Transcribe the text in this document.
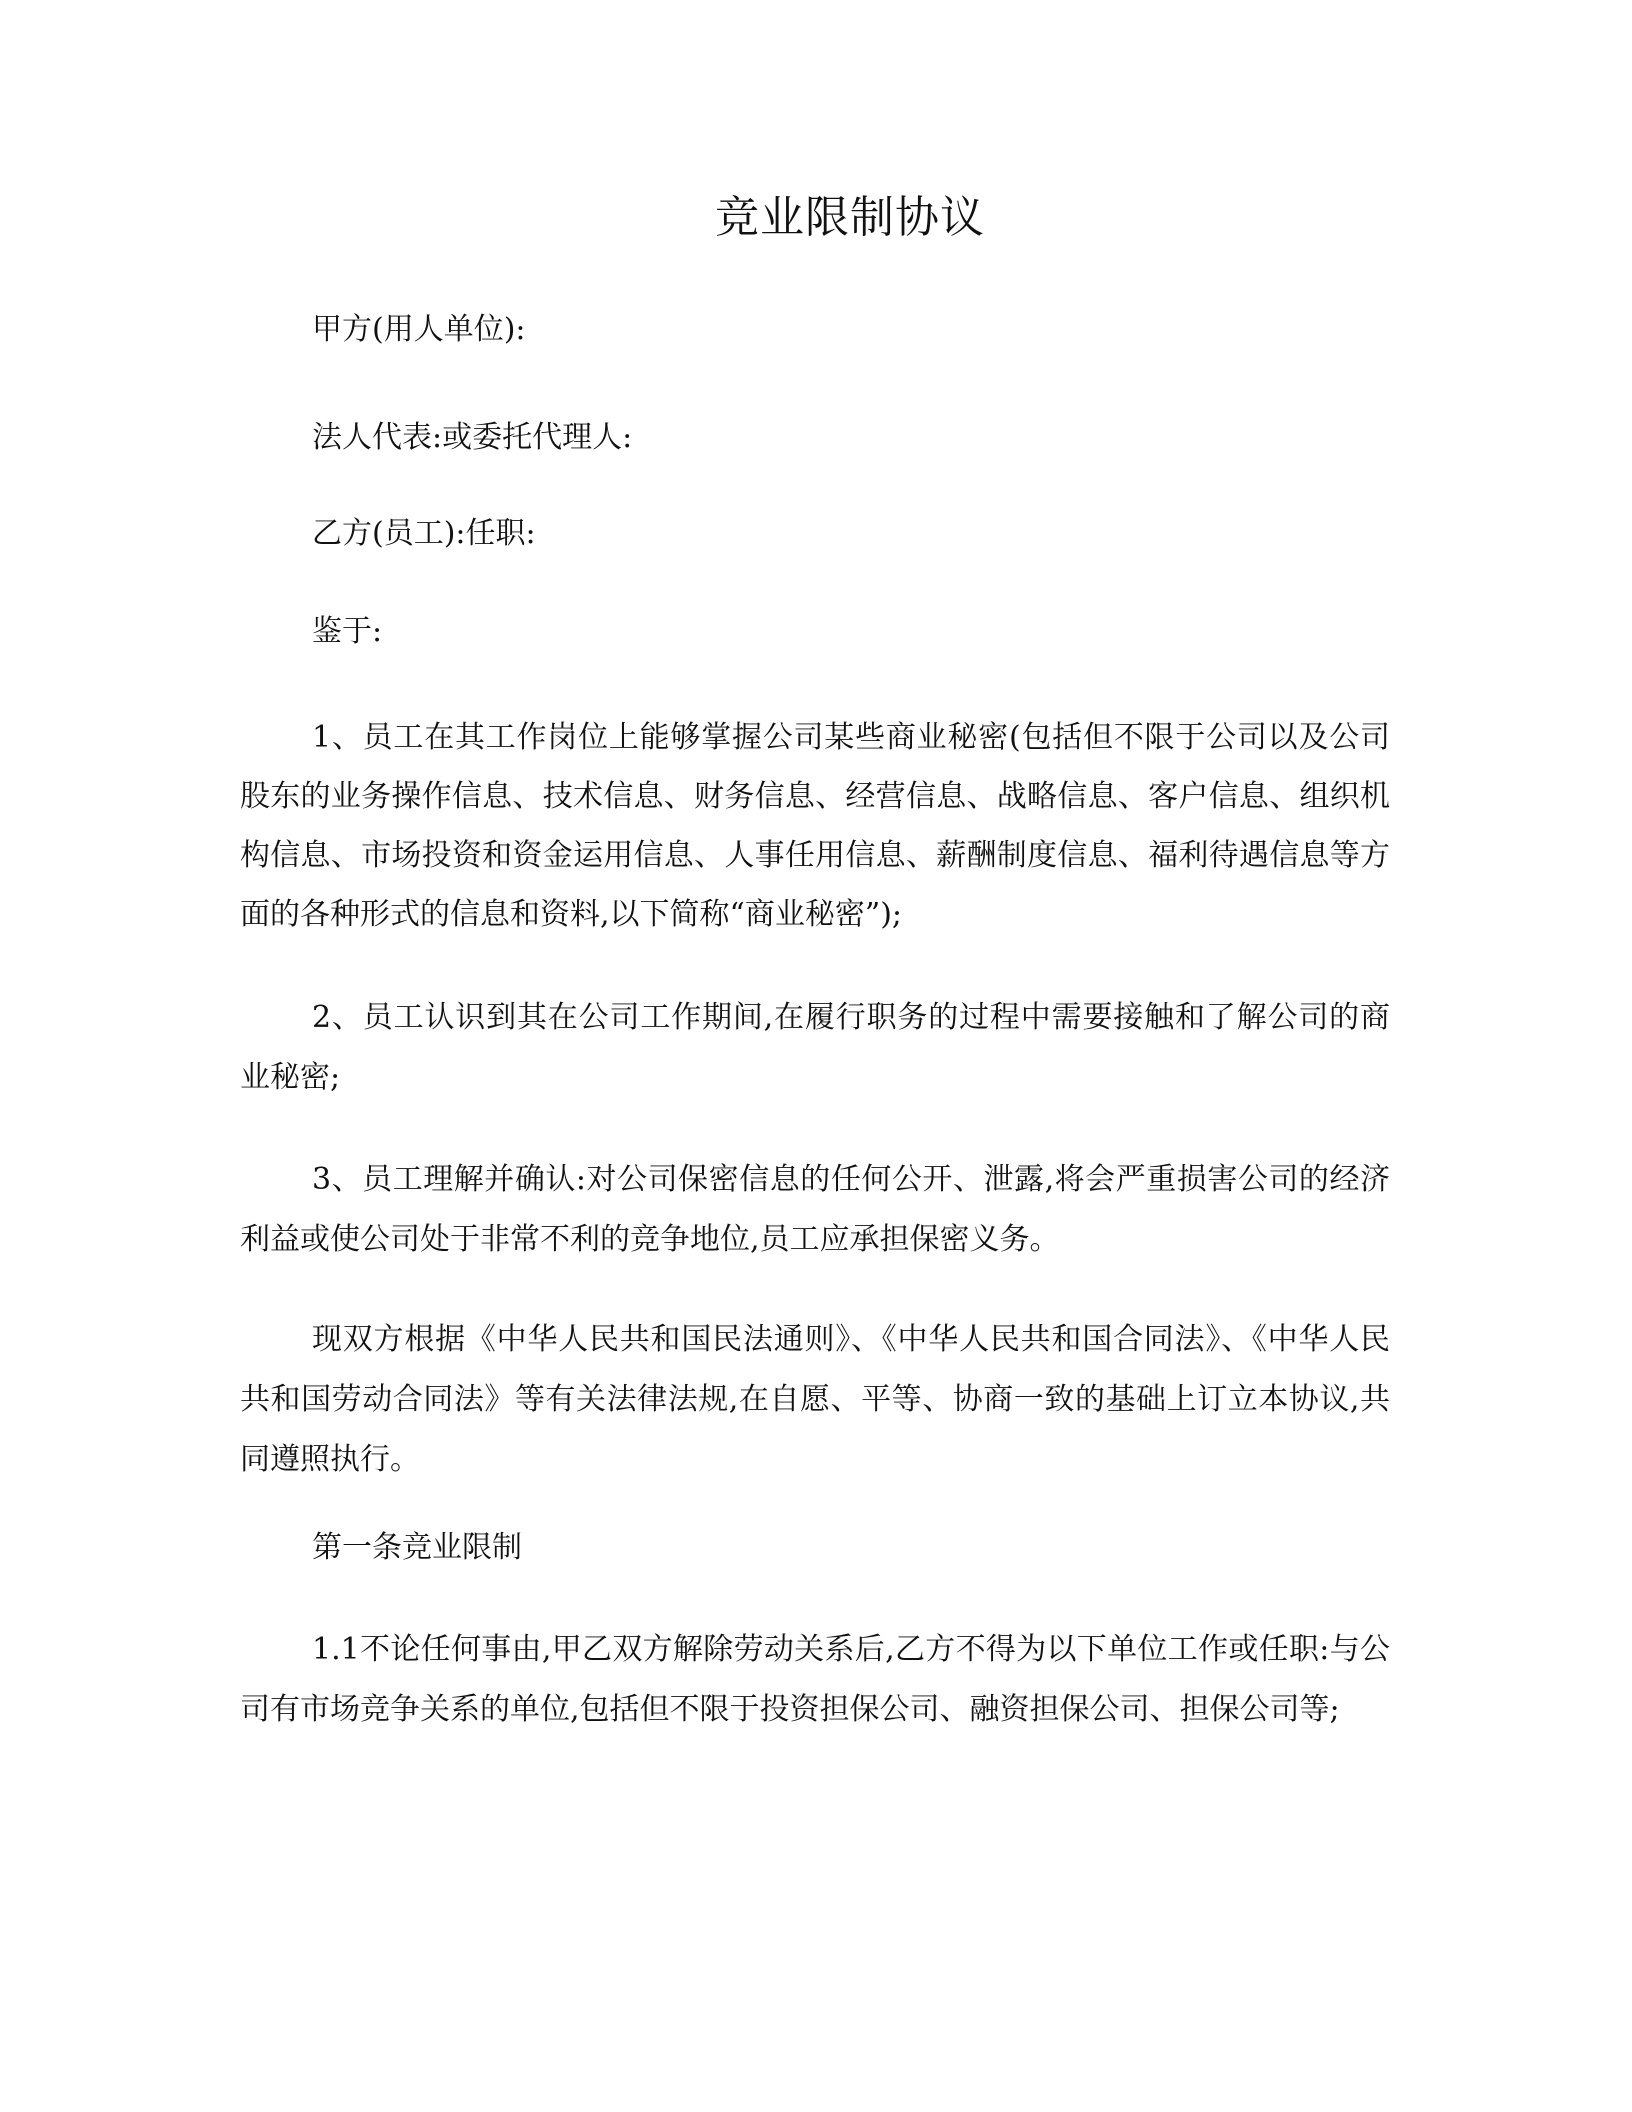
竞业限制协议

甲方(用人单位):

法人代表:或委托代理人:

乙方(员工):任职:

鉴于:

1、员工在其工作岗位上能够掌握公司某些商业秘密(包括但不限于公司以及公司股东的业务操作信息、技术信息、财务信息、经营信息、战略信息、客户信息、组织机构信息、市场投资和资金运用信息、人事任用信息、薪酬制度信息、福利待遇信息等方面的各种形式的信息和资料,以下简称“商业秘密”);

2、员工认识到其在公司工作期间,在履行职务的过程中需要接触和了解公司的商业秘密;

3、员工理解并确认:对公司保密信息的任何公开、泄露,将会严重损害公司的经济利益或使公司处于非常不利的竞争地位,员工应承担保密义务。

现双方根据《中华人民共和国民法通则》、《中华人民共和国合同法》、《中华人民共和国劳动合同法》等有关法律法规,在自愿、平等、协商一致的基础上订立本协议,共同遵照执行。

第一条竞业限制

1.1不论任何事由,甲乙双方解除劳动关系后,乙方不得为以下单位工作或任职:与公司有市场竞争关系的单位,包括但不限于投资担保公司、融资担保公司、担保公司等;
